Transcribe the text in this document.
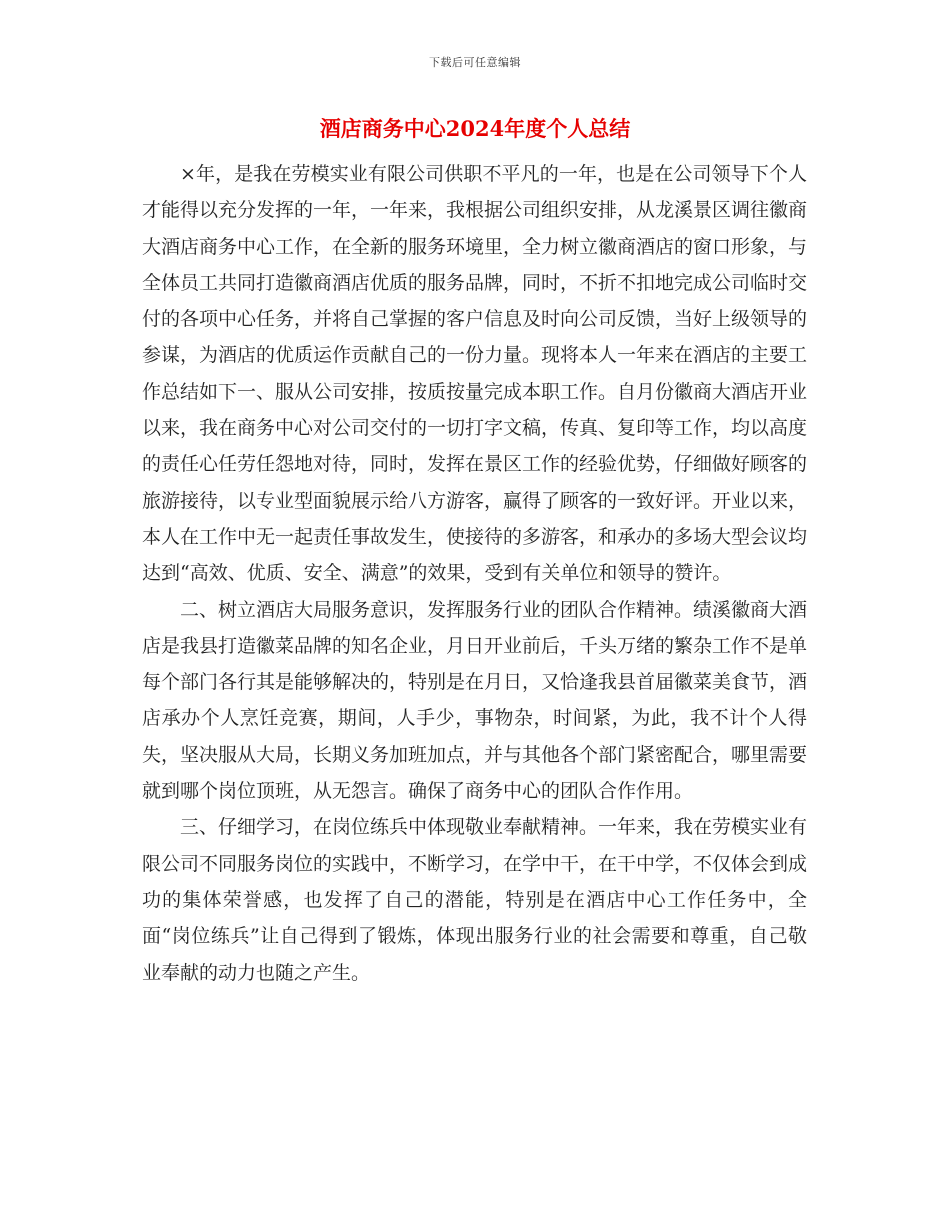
下载后可任意编辑
酒店商务中心2024年度个人总结

×年，是我在劳模实业有限公司供职不平凡的一年，也是在公司领导下个人才能得以充分发挥的一年，一年来，我根据公司组织安排，从龙溪景区调往徽商大酒店商务中心工作，在全新的服务环境里，全力树立徽商酒店的窗口形象，与全体员工共同打造徽商酒店优质的服务品牌，同时，不折不扣地完成公司临时交付的各项中心任务，并将自己掌握的客户信息及时向公司反馈，当好上级领导的参谋，为酒店的优质运作贡献自己的一份力量。现将本人一年来在酒店的主要工作总结如下一、服从公司安排，按质按量完成本职工作。自月份徽商大酒店开业以来，我在商务中心对公司交付的一切打字文稿，传真、复印等工作，均以高度的责任心任劳任怨地对待，同时，发挥在景区工作的经验优势，仔细做好顾客的旅游接待，以专业型面貌展示给八方游客，赢得了顾客的一致好评。开业以来，本人在工作中无一起责任事故发生，使接待的多游客，和承办的多场大型会议均达到“高效、优质、安全、满意”的效果，受到有关单位和领导的赞许。

二、树立酒店大局服务意识，发挥服务行业的团队合作精神。绩溪徽商大酒店是我县打造徽菜品牌的知名企业，月日开业前后，千头万绪的繁杂工作不是单每个部门各行其是能够解决的，特别是在月日，又恰逢我县首届徽菜美食节，酒店承办个人烹饪竞赛，期间，人手少，事物杂，时间紧，为此，我不计个人得失，坚决服从大局，长期义务加班加点，并与其他各个部门紧密配合，哪里需要就到哪个岗位顶班，从无怨言。确保了商务中心的团队合作作用。

三、仔细学习，在岗位练兵中体现敬业奉献精神。一年来，我在劳模实业有限公司不同服务岗位的实践中，不断学习，在学中干，在干中学，不仅体会到成功的集体荣誉感，也发挥了自己的潜能，特别是在酒店中心工作任务中，全面“岗位练兵”让自己得到了锻炼，体现出服务行业的社会需要和尊重，自己敬业奉献的动力也随之产生。
